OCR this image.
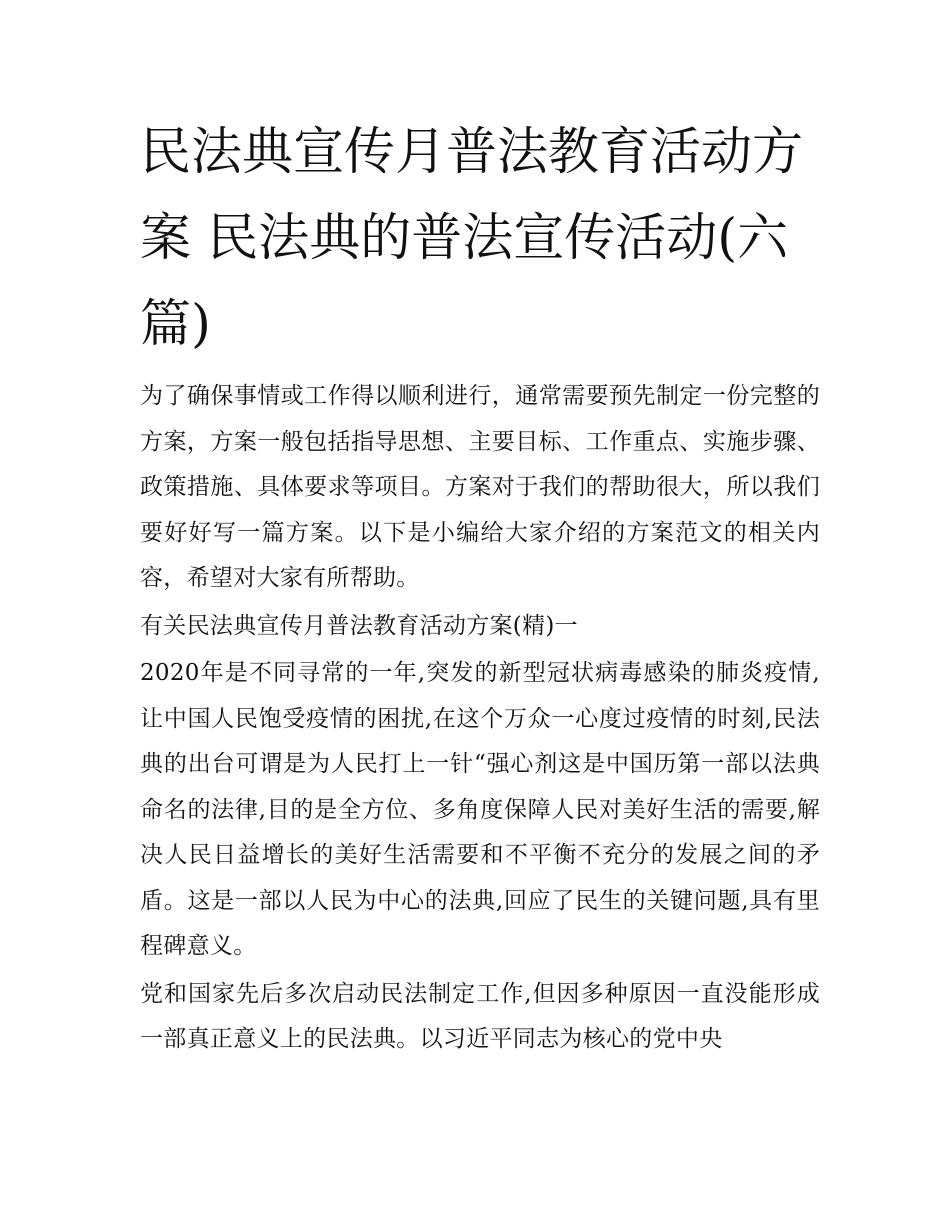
民法典宣传月普法教育活动方案 民法典的普法宣传活动(六篇)

为了确保事情或工作得以顺利进行，通常需要预先制定一份完整的方案，方案一般包括指导思想、主要目标、工作重点、实施步骤、政策措施、具体要求等项目。方案对于我们的帮助很大，所以我们要好好写一篇方案。以下是小编给大家介绍的方案范文的相关内容，希望对大家有所帮助。

有关民法典宣传月普法教育活动方案(精)一

2020年是不同寻常的一年,突发的新型冠状病毒感染的肺炎疫情,让中国人民饱受疫情的困扰,在这个万众一心度过疫情的时刻,民法典的出台可谓是为人民打上一针“强心剂这是中国历第一部以法典命名的法律,目的是全方位、多角度保障人民对美好生活的需要,解决人民日益增长的美好生活需要和不平衡不充分的发展之间的矛盾。这是一部以人民为中心的法典,回应了民生的关键问题,具有里程碑意义。

党和国家先后多次启动民法制定工作,但因多种原因一直没能形成一部真正意义上的民法典。以习近平同志为核心的党中央
